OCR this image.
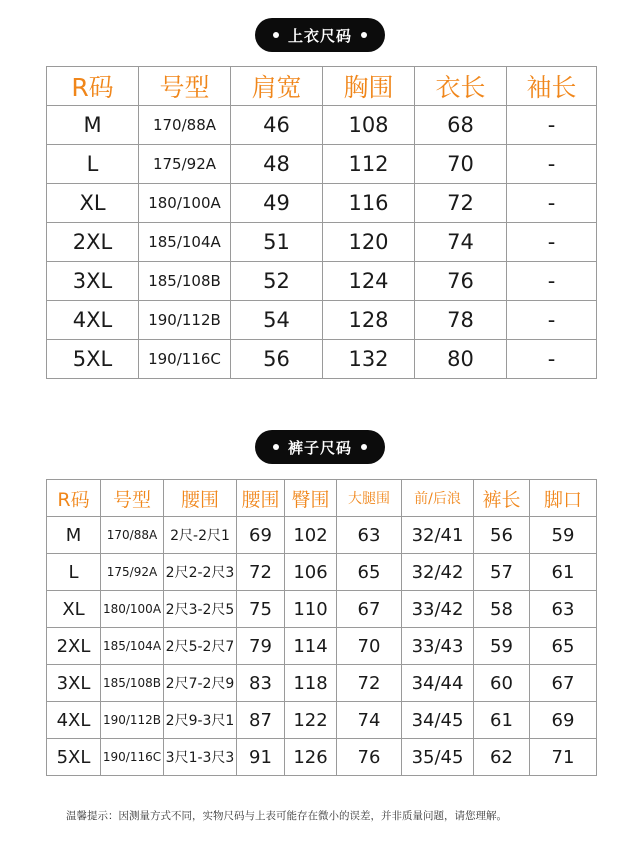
上衣尺码
R码	号型	肩宽	胸围	衣长	袖长
M	170/88A	46	108	68	-
L	175/92A	48	112	70	-
XL	180/100A	49	116	72	-
2XL	185/104A	51	120	74	-
3XL	185/108B	52	124	76	-
4XL	190/112B	54	128	78	-
5XL	190/116C	56	132	80	-
裤子尺码
R码	号型	腰围	腰围	臀围	大腿围	前/后浪	裤长	脚口
M	170/88A	2尺-2尺1	69	102	63	32/41	56	59
L	175/92A	2尺2-2尺3	72	106	65	32/42	57	61
XL	180/100A	2尺3-2尺5	75	110	67	33/42	58	63
2XL	185/104A	2尺5-2尺7	79	114	70	33/43	59	65
3XL	185/108B	2尺7-2尺9	83	118	72	34/44	60	67
4XL	190/112B	2尺9-3尺1	87	122	74	34/45	61	69
5XL	190/116C	3尺1-3尺3	91	126	76	35/45	62	71
温馨提示：因测量方式不同，实物尺码与上表可能存在微小的误差，并非质量问题，请您理解。
